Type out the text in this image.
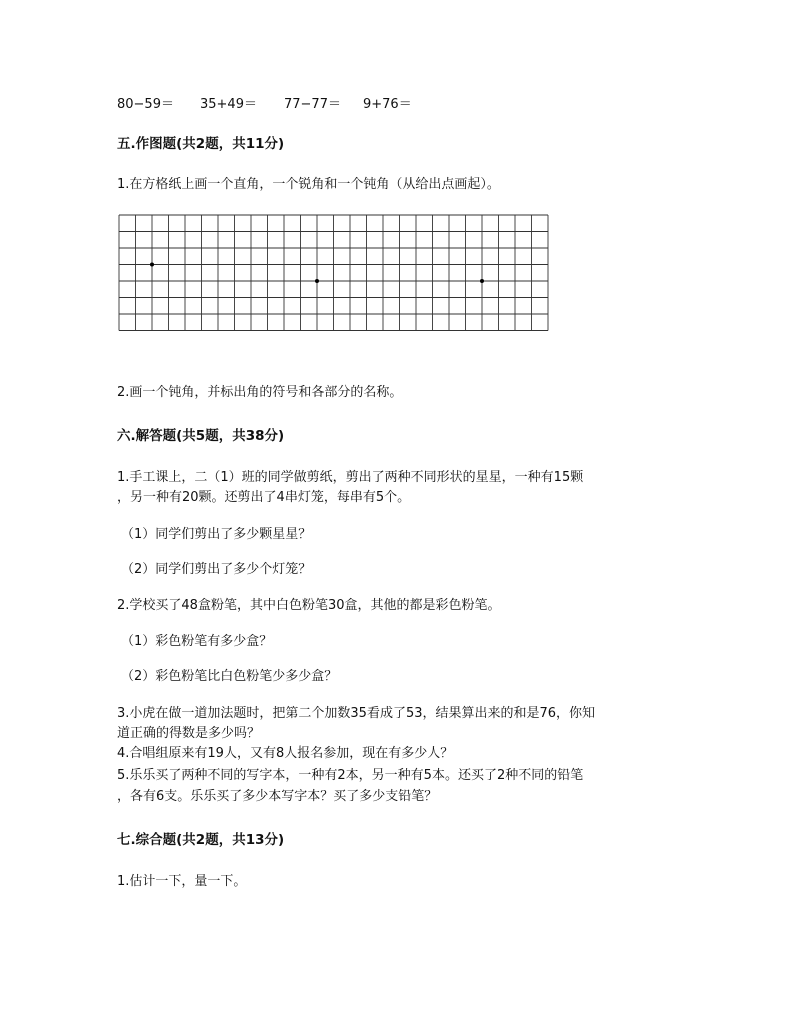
80−59＝ 35+49＝ 77−77＝ 9+76＝
五.作图题(共2题，共11分)
1.在方格纸上画一个直角，一个锐角和一个钝角（从给出点画起）。
2.画一个钝角，并标出角的符号和各部分的名称。
六.解答题(共5题，共38分)
1.手工课上，二（1）班的同学做剪纸，剪出了两种不同形状的星星，一种有15颗
，另一种有20颗。还剪出了4串灯笼，每串有5个。
（1）同学们剪出了多少颗星星？
（2）同学们剪出了多少个灯笼？
2.学校买了48盒粉笔，其中白色粉笔30盒，其他的都是彩色粉笔。
（1）彩色粉笔有多少盒？
（2）彩色粉笔比白色粉笔少多少盒？
3.小虎在做一道加法题时，把第二个加数35看成了53，结果算出来的和是76，你知
道正确的得数是多少吗？
4.合唱组原来有19人，又有8人报名参加，现在有多少人？
5.乐乐买了两种不同的写字本，一种有2本，另一种有5本。还买了2种不同的铅笔
，各有6支。乐乐买了多少本写字本？买了多少支铅笔？
七.综合题(共2题，共13分)
1.估计一下，量一下。
